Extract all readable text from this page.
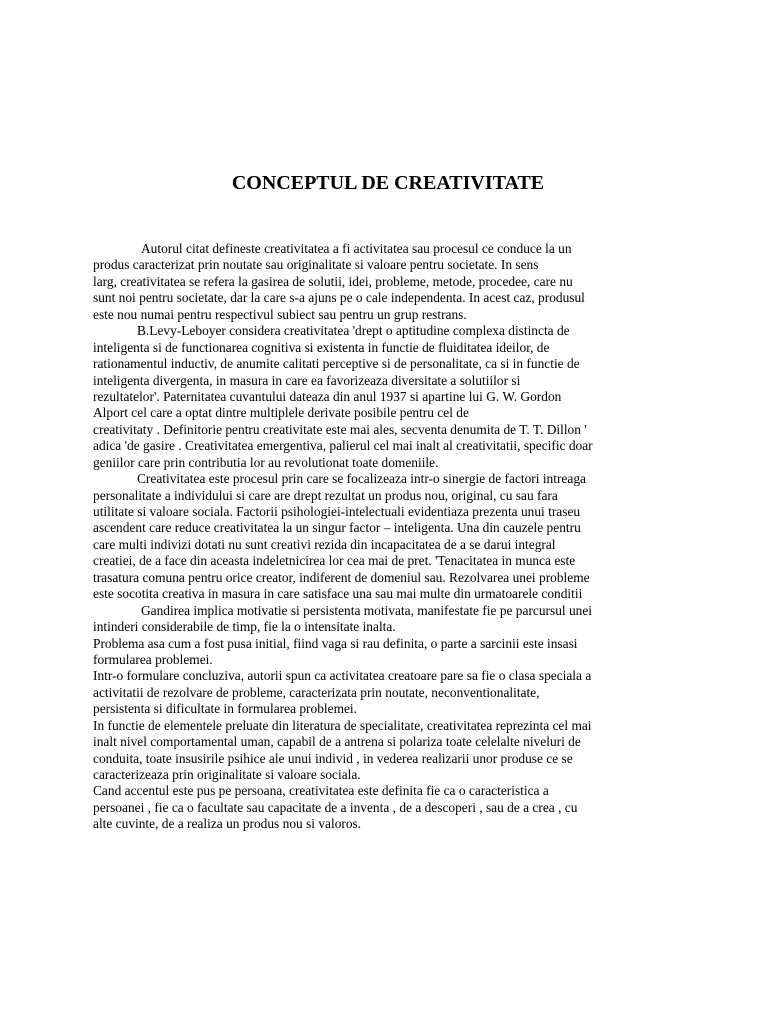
CONCEPTUL DE CREATIVITATE
Autorul citat defineste creativitatea a fi activitatea sau procesul ce conduce la un
produs caracterizat prin noutate sau originalitate si valoare pentru societate. In sens
larg, creativitatea se refera la gasirea de solutii, idei, probleme, metode, procedee, care nu
sunt noi pentru societate, dar la care s-a ajuns pe o cale independenta. In acest caz, produsul
este nou numai pentru respectivul subiect sau pentru un grup restrans.
B.Levy-Leboyer considera creativitatea 'drept o aptitudine complexa distincta de
inteligenta si de functionarea cognitiva si existenta in functie de fluiditatea ideilor, de
rationamentul inductiv, de anumite calitati perceptive si de personalitate, ca si in functie de
inteligenta divergenta, in masura in care ea favorizeaza diversitate a solutiilor si
rezultatelor'. Paternitatea cuvantului dateaza din anul 1937 si apartine lui G. W. Gordon
Alport cel care a optat dintre multiplele derivate posibile pentru cel de
creativitaty . Definitorie pentru creativitate este mai ales, secventa denumita de T. T. Dillon '
adica 'de gasire . Creativitatea emergentiva, palierul cel mai inalt al creativitatii, specific doar
geniilor care prin contributia lor au revolutionat toate domeniile.
Creativitatea este procesul prin care se focalizeaza intr-o sinergie de factori intreaga
personalitate a individului si care are drept rezultat un produs nou, original, cu sau fara
utilitate si valoare sociala. Factorii psihologiei-intelectuali evidentiaza prezenta unui traseu
ascendent care reduce creativitatea la un singur factor – inteligenta. Una din cauzele pentru
care multi indivizi dotati nu sunt creativi rezida din incapacitatea de a se darui integral
creatiei, de a face din aceasta indeletnicirea lor cea mai de pret. 'Tenacitatea in munca este
trasatura comuna pentru orice creator, indiferent de domeniul sau. Rezolvarea unei probleme
este socotita creativa in masura in care satisface una sau mai multe din urmatoarele conditii
Gandirea implica motivatie si persistenta motivata, manifestate fie pe parcursul unei
intinderi considerabile de timp, fie la o intensitate inalta.
Problema asa cum a fost pusa initial, fiind vaga si rau definita, o parte a sarcinii este insasi
formularea problemei.
Intr-o formulare concluziva, autorii spun ca activitatea creatoare pare sa fie o clasa speciala a
activitatii de rezolvare de probleme, caracterizata prin noutate, neconventionalitate,
persistenta si dificultate in formularea problemei.
In functie de elementele preluate din literatura de specialitate, creativitatea reprezinta cel mai
inalt nivel comportamental uman, capabil de a antrena si polariza toate celelalte niveluri de
conduita, toate insusirile psihice ale unui individ , in vederea realizarii unor produse ce se
caracterizeaza prin originalitate si valoare sociala.
Cand accentul este pus pe persoana, creativitatea este definita fie ca o caracteristica a
persoanei , fie ca o facultate sau capacitate de a inventa , de a descoperi , sau de a crea , cu
alte cuvinte, de a realiza un produs nou si valoros.
